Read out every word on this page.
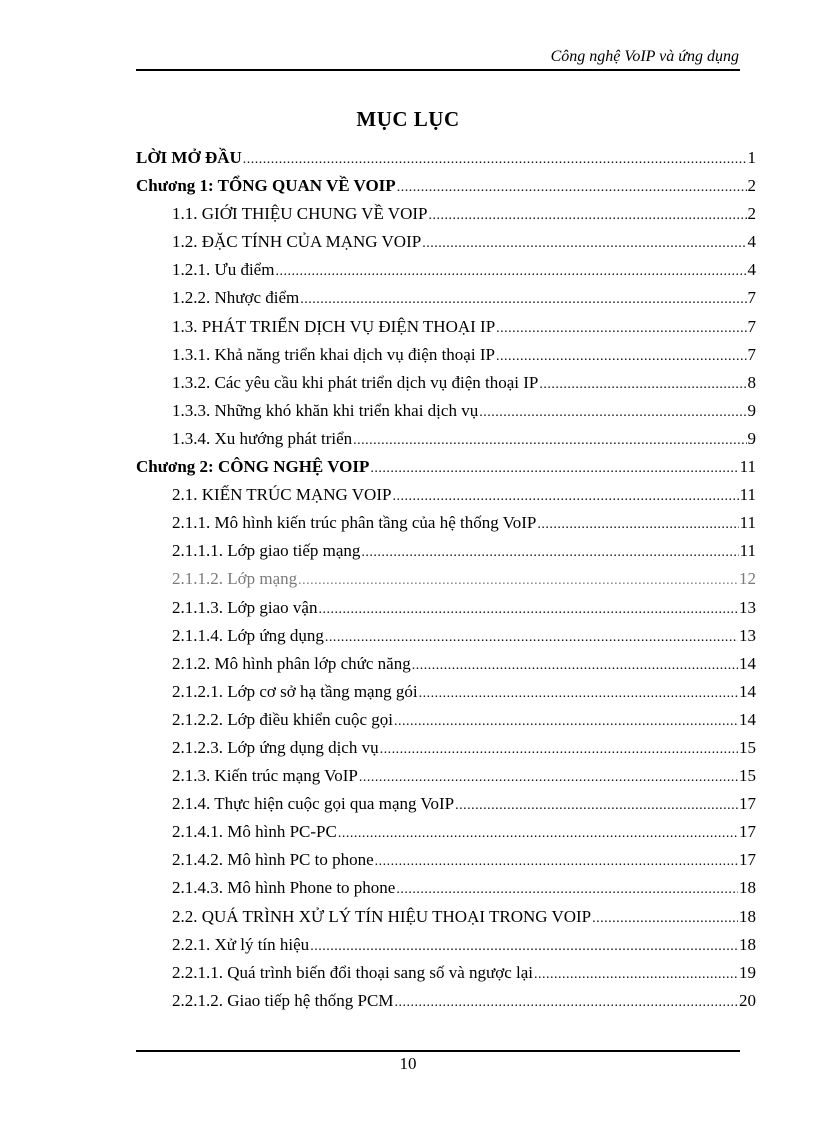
Công nghệ VoIP và ứng dụng
MỤC LỤC
LỜI MỞ ĐẦU .....	1
Chương 1: TỔNG QUAN VỀ VOIP .....	2
1.1. GIỚI THIỆU CHUNG VỀ VOIP .....	2
1.2. ĐẶC TÍNH CỦA MẠNG VOIP .....	4
1.2.1. Ưu điểm .....	4
1.2.2. Nhược điểm .....	7
1.3. PHÁT TRIỂN DỊCH VỤ ĐIỆN THOẠI IP .....	7
1.3.1. Khả năng triển khai dịch vụ điện thoại IP .....	7
1.3.2. Các yêu cầu khi phát triển dịch vụ điện thoại IP .....	8
1.3.3. Những khó khăn khi triển khai dịch vụ .....	9
1.3.4. Xu hướng phát triển .....	9
Chương 2: CÔNG NGHỆ VOIP .....	11
2.1. KIẾN TRÚC MẠNG VOIP .....	11
2.1.1. Mô hình kiến trúc phân tầng của hệ thống VoIP .....	11
2.1.1.1. Lớp giao tiếp mạng .....	11
2.1.1.2. Lớp mạng .....	12
2.1.1.3. Lớp giao vận .....	13
2.1.1.4. Lớp ứng dụng .....	13
2.1.2. Mô hình phân lớp chức năng .....	14
2.1.2.1. Lớp cơ sở hạ tầng mạng gói .....	14
2.1.2.2. Lớp điều khiển cuộc gọi .....	14
2.1.2.3. Lớp ứng dụng dịch vụ .....	15
2.1.3. Kiến trúc mạng VoIP .....	15
2.1.4. Thực hiện cuộc gọi qua mạng VoIP .....	17
2.1.4.1. Mô hình PC-PC .....	17
2.1.4.2. Mô hình PC to phone .....	17
2.1.4.3. Mô hình Phone to phone .....	18
2.2. QUÁ TRÌNH XỬ LÝ TÍN HIỆU THOẠI TRONG VOIP .....	18
2.2.1. Xử lý tín hiệu .....	18
2.2.1.1. Quá trình biến đổi thoại sang số và ngược lại .....	19
2.2.1.2. Giao tiếp hệ thống PCM .....	20
10
